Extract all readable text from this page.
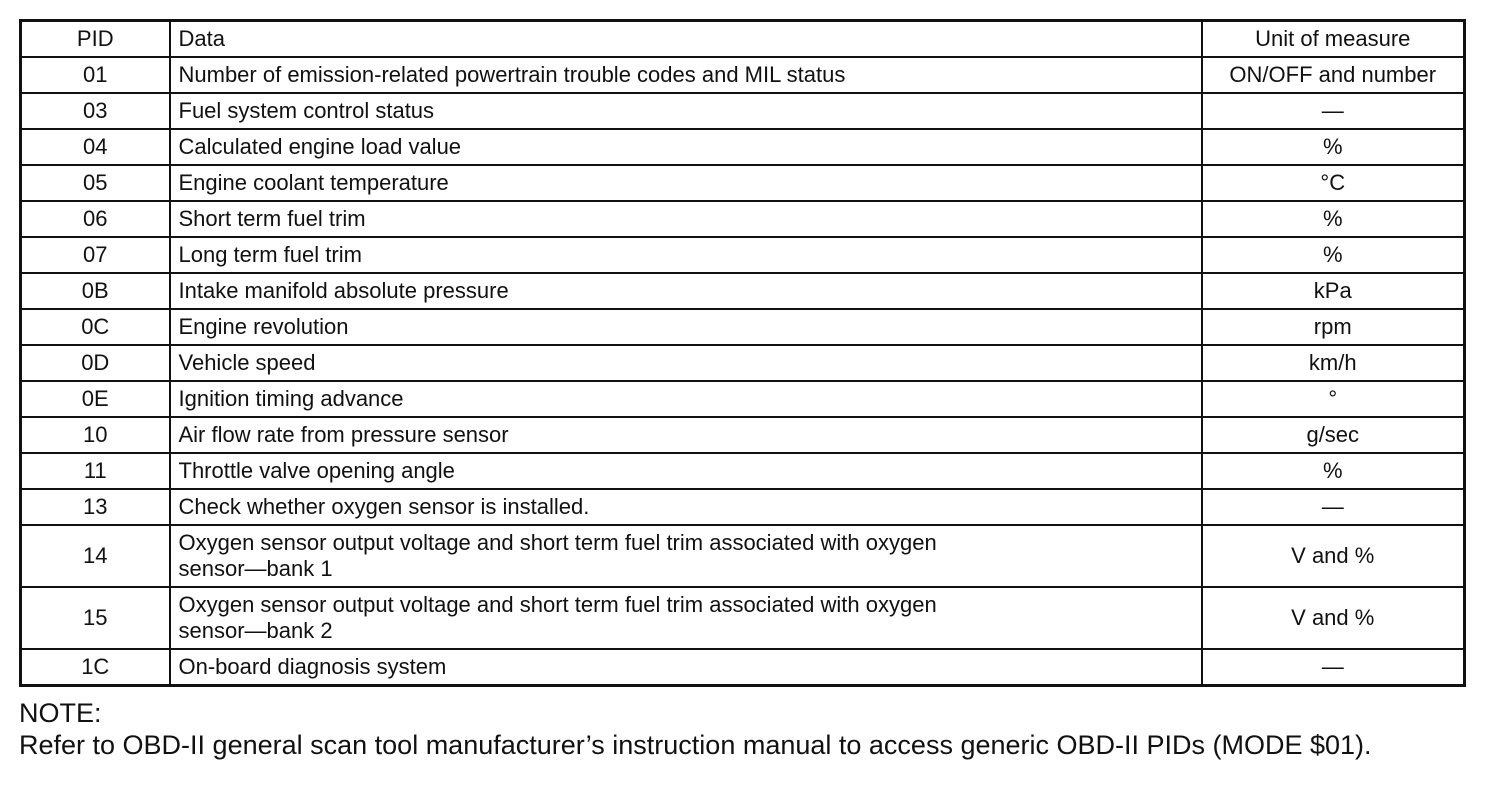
PID	Data	Unit of measure
01	Number of emission-related powertrain trouble codes and MIL status	ON/OFF and number
03	Fuel system control status	—
04	Calculated engine load value	%
05	Engine coolant temperature	°C
06	Short term fuel trim	%
07	Long term fuel trim	%
0B	Intake manifold absolute pressure	kPa
0C	Engine revolution	rpm
0D	Vehicle speed	km/h
0E	Ignition timing advance	°
10	Air flow rate from pressure sensor	g/sec
11	Throttle valve opening angle	%
13	Check whether oxygen sensor is installed.	—
14	Oxygen sensor output voltage and short term fuel trim associated with oxygen
sensor—bank 1	V and %
15	Oxygen sensor output voltage and short term fuel trim associated with oxygen
sensor—bank 2	V and %
1C	On-board diagnosis system	—
NOTE:
Refer to OBD-II general scan tool manufacturer’s instruction manual to access generic OBD-II PIDs (MODE $01).
